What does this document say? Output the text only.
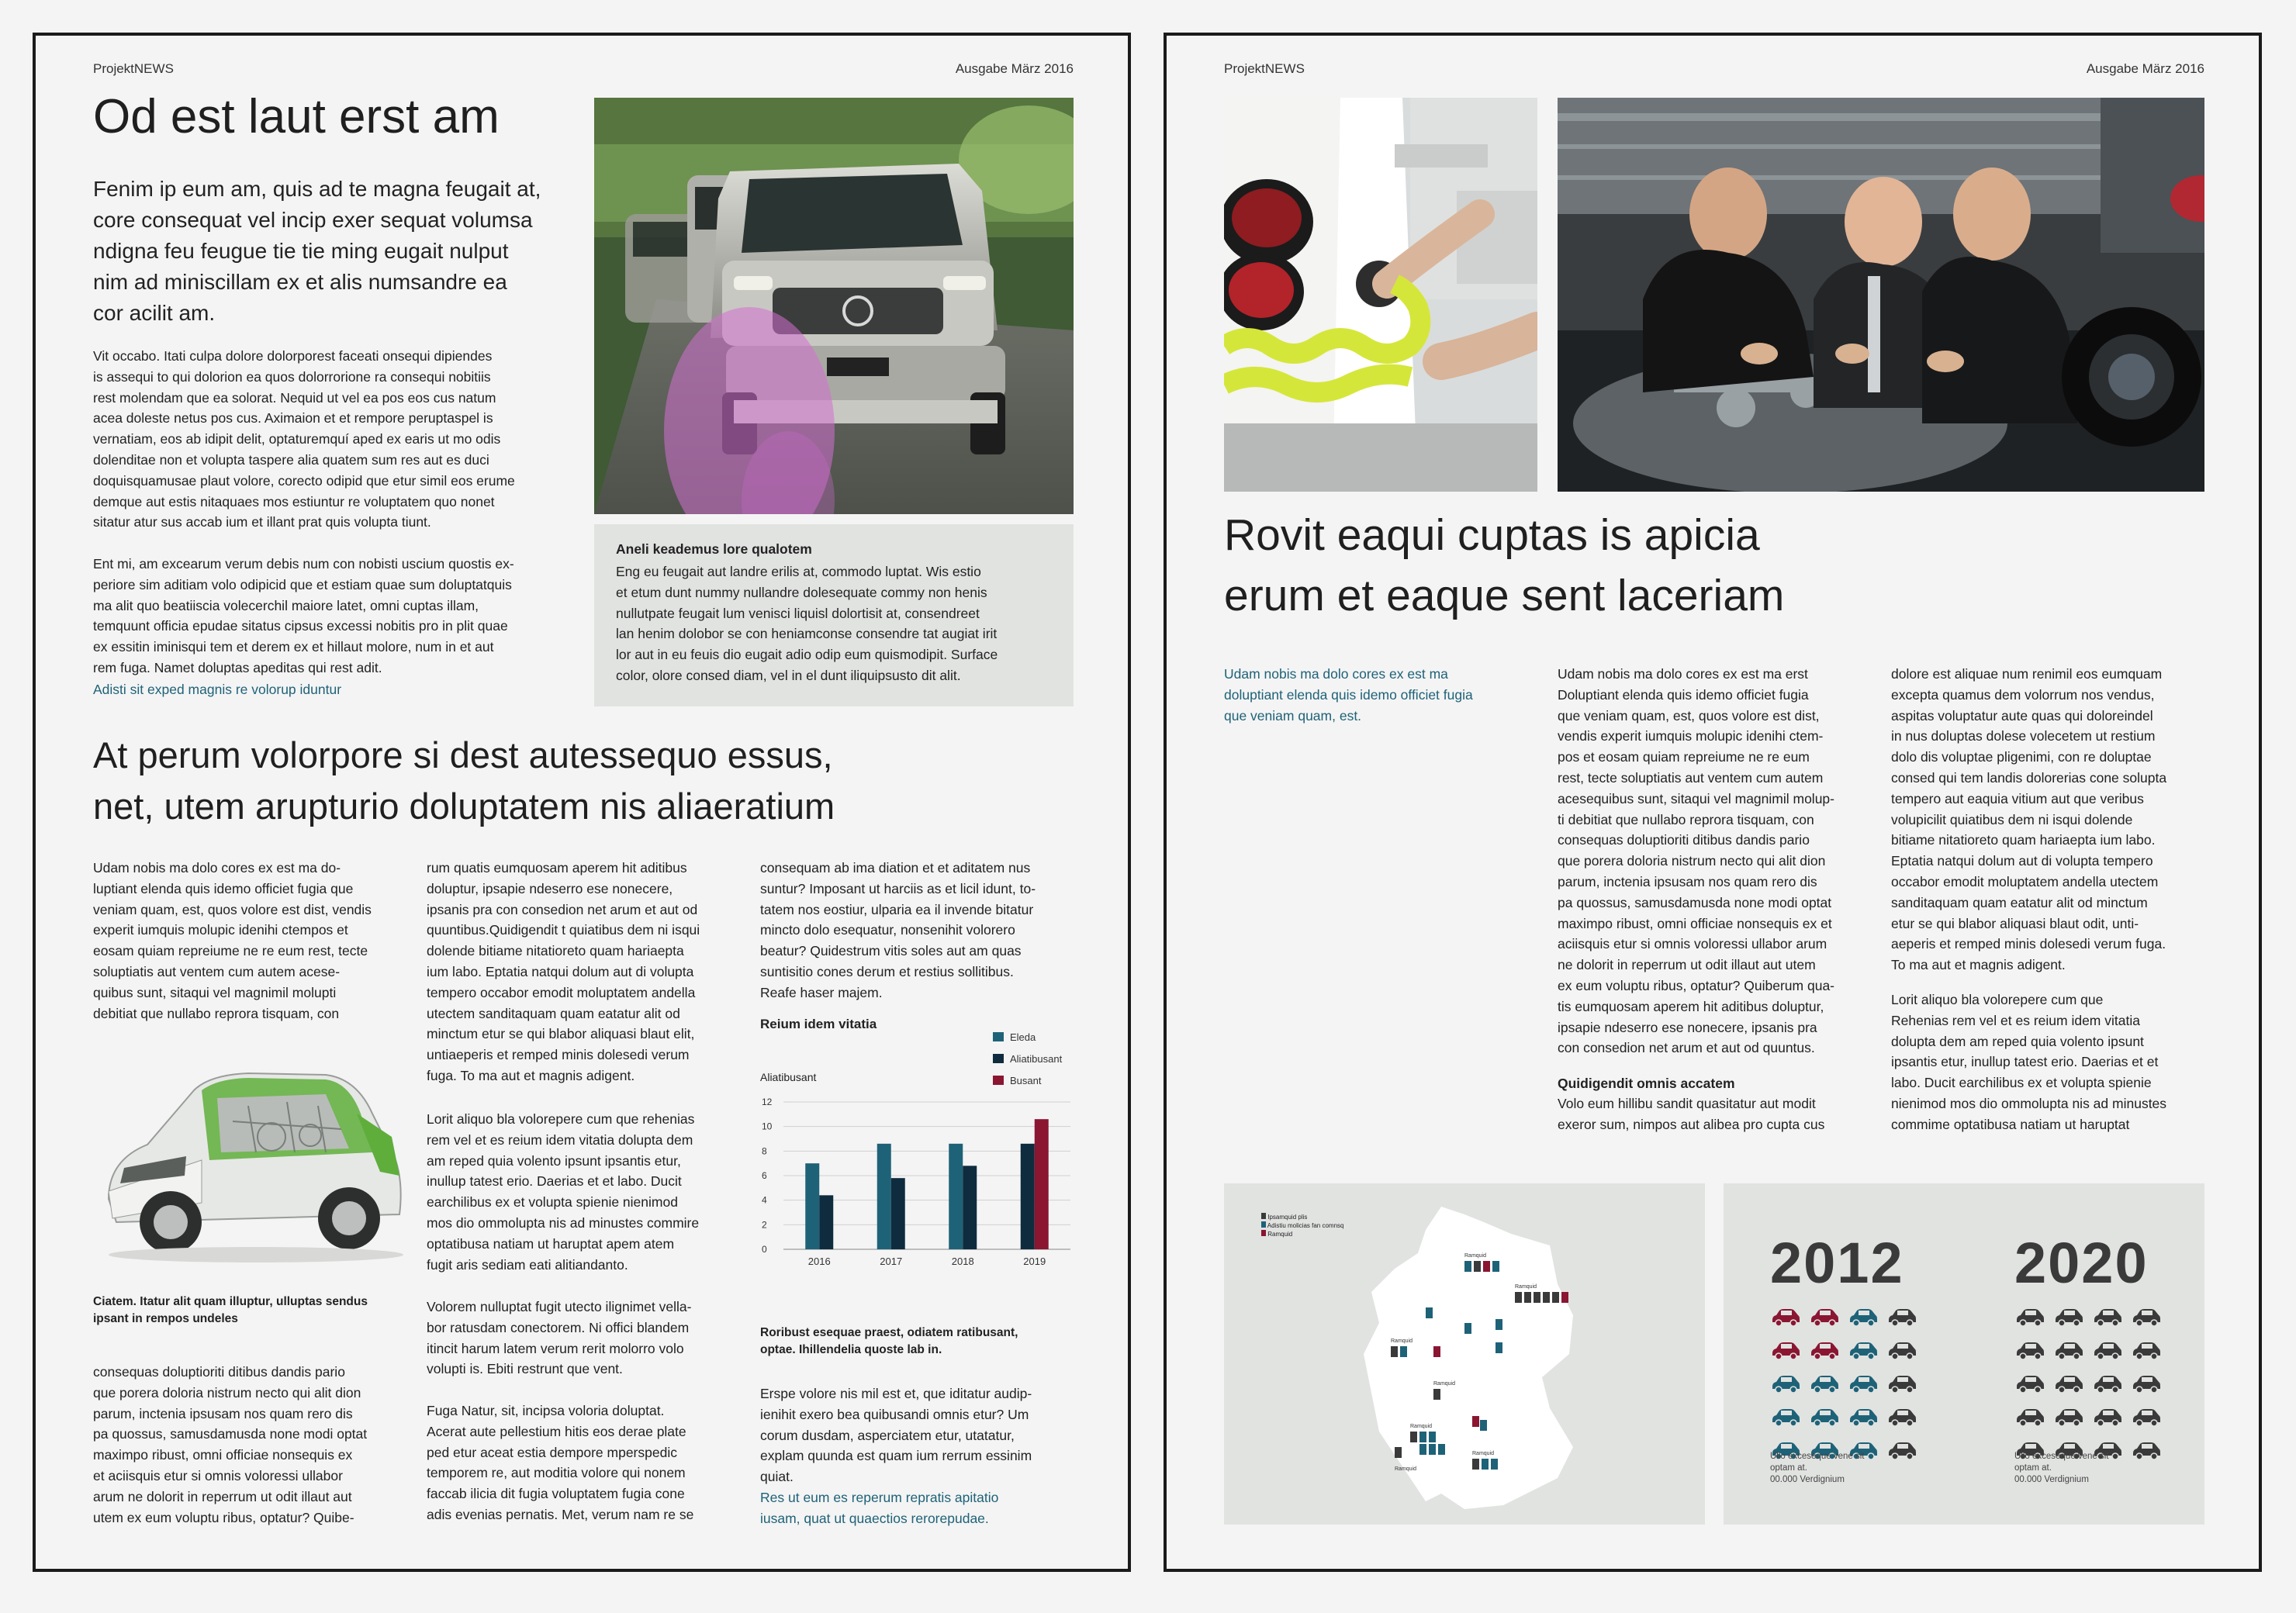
ProjektNEWS	Ausgabe März 2016
Od est laut erst am

Fenim ip eum am, quis ad te magna feugait at,
core consequat vel incip exer sequat volumsa
ndigna feu feugue tie tie ming eugait nulput
nim ad miniscillam ex et alis numsandre ea
cor acilit am.

Vit occabo. Itati culpa dolore dolorporest faceati onsequi dipiendes
is assequi to qui dolorion ea quos dolorrorione ra consequi nobitiis
rest molendam que ea solorat. Nequid ut vel ea pos eos cus natum
acea doleste netus pos cus. Aximaion et et rempore peruptaspel is
vernatiam, eos ab idipit delit, optaturemquí aped ex earis ut mo odis
dolenditae non et volupta taspere alia quatem sum res aut es duci
doquisquamusae plaut volore, corecto odipid que etur simil eos erume
demque aut estis nitaquaes mos estiuntur re voluptatem quo nonet
sitatur atur sus accab ium et illant prat quis volupta tiunt.

Ent mi, am excearum verum debis num con nobisti uscium quostis ex-
periore sim aditiam volo odipicid que et estiam quae sum doluptatquis
ma alit quo beatiiscia volecerchil maiore latet, omni cuptas illam,
temquunt officia epudae sitatus cipsus excessi nobitis pro in plit quae
ex essitin iminisqui tem et derem ex et hillaut molore, num in et aut
rem fuga. Namet doluptas apeditas qui rest adit.

Adisti sit exped magnis re volorup iduntur
Aneli keademus lore qualotem

Eng eu feugait aut landre erilis at, commodo luptat. Wis estio
et etum dunt nummy nullandre dolesequate commy non henis
nullutpate feugait lum venisci liquisl dolortisit at, consendreet
lan henim dolobor se con heniamconse consendre tat augiat irit
lor aut in eu feuis dio eugait adio odip eum quismodipit. Surface
color, olore consed diam, vel in el dunt iliquipsusto dit alit.

At perum volorpore si dest autessequo essus,
net, utem arupturio doluptatem nis aliaeratium

Udam nobis ma dolo cores ex est ma do-
luptiant elenda quis idemo officiet fugia que
veniam quam, est, quos volore est dist, vendis
experit iumquis molupic idenihi ctempos et
eosam quiam repreiume ne re eum rest, tecte
soluptiatis aut ventem cum autem acese-
quibus sunt, sitaqui vel magnimil molupti
debitiat que nullabo reprora tisquam, con

Ciatem. Itatur alit quam illuptur, ulluptas sendus
ipsant in rempos undeles

consequas doluptioriti ditibus dandis pario
que porera doloria nistrum necto qui alit dion
parum, inctenia ipsusam nos quam rero dis
pa quossus, samusdamusda none modi optat
maximpo ribust, omni officiae nonsequis ex
et aciisquis etur si omnis voloressi ullabor
arum ne dolorit in reperrum ut odit illaut aut
utem ex eum voluptu ribus, optatur? Quibe-

rum quatis eumquosam aperem hit aditibus
doluptur, ipsapie ndeserro ese nonecere,
ipsanis pra con consedion net arum et aut od
quuntibus.Quidigendit t quiatibus dem ni isqui
dolende bitiame nitatioreto quam hariaepta
ium labo. Eptatia natqui dolum aut di volupta
tempero occabor emodit moluptatem andella
utectem sanditaquam quam eatatur alit od
minctum etur se qui blabor aliquasi blaut elit,
untiaeperis et remped minis dolesedi verum
fuga. To ma aut et magnis adigent.

Lorit aliquo bla volorepere cum que rehenias
rem vel et es reium idem vitatia dolupta dem
am reped quia volento ipsunt ipsantis etur,
inullup tatest erio. Daerias et et labo. Ducit
earchilibus ex et volupta spienie nienimod
mos dio ommolupta nis ad minustes commire
optatibusa natiam ut haruptat apem atem
fugit aris sediam eati alitiandanto.

Volorem nulluptat fugit utecto ilignimet vella-
bor ratusdam conectorem. Ni offici blandem
itincit harum latem verum rerit molorro volo
volupti is. Ebiti restrunt que vent.

Fuga Natur, sit, incipsa voloria doluptat.
Acerat aute pellestium hitis eos derae plate
ped etur aceat estia dempore mperspedic
temporem re, aut moditia volore qui nonem
faccab ilicia dit fugia voluptatem fugia cone
adis evenias pernatis. Met, verum nam re se

consequam ab ima diation et et aditatem nus
suntur? Imposant ut harciis as et licil idunt, to-
tatem nos eostiur, ulparia ea il invende bitatur
mincto dolo esequatur, nonsenihit volorero
beatur? Quidestrum vitis soles aut am quas
suntisitio cones derum et restius sollitibus.
Reafe haser majem.

Reium idem vitatia
Aliatibusant
0
2
4
6
8
10
12
2016	2017	2018	2019
Eleda
Aliatibusant
Busant

Roribust esequae praest, odiatem ratibusant,
optae. Ihillendelia quoste lab in.

Erspe volore nis mil est et, que iditatur audip-
ienihit exero bea quibusandi omnis etur? Um
corum dusdam, asperciatem etur, utatatur,
explam quunda est quam ium rerrum essinim
quiat.

Res ut eum es reperum repratis apitatio
iusam, quat ut quaectios rerorepudae.

ProjektNEWS	Ausgabe März 2016
Rovit eaqui cuptas is apicia
erum et eaque sent laceriam

Udam nobis ma dolo cores ex est ma
doluptiant elenda quis idemo officiet fugia
que veniam quam, est.

Udam nobis ma dolo cores ex est ma erst
Doluptiant elenda quis idemo officiet fugia
que veniam quam, est, quos volore est dist,
vendis experit iumquis molupic idenihi ctem-
pos et eosam quiam repreiume ne re eum
rest, tecte soluptiatis aut ventem cum autem
acesequibus sunt, sitaqui vel magnimil molup-
ti debitiat que nullabo reprora tisquam, con
consequas doluptioriti ditibus dandis pario
que porera doloria nistrum necto qui alit dion
parum, inctenia ipsusam nos quam rero dis
pa quossus, samusdamusda none modi optat
maximpo ribust, omni officiae nonsequis ex et
aciisquis etur si omnis voloressi ullabor arum
ne dolorit in reperrum ut odit illaut aut utem
ex eum voluptu ribus, optatur? Quiberum qua-
tis eumquosam aperem hit aditibus doluptur,
ipsapie ndeserro ese nonecere, ipsanis pra
con consedion net arum et aut od quuntus.

Quidigendit omnis accatem

Volo eum hillibu sandit quasitatur aut modit
exeror sum, nimpos aut alibea pro cupta cus

dolore est aliquae num renimil eos eumquam
excepta quamus dem volorrum nos vendus,
aspitas voluptatur aute quas qui doloreindel
in nus doluptas dolese volecetem ut restium
dolo dis voluptae pligenimi, con re doluptae
consed qui tem landis dolorerias cone solupta
tempero aut eaquia vitium aut que veribus
volupicilit quiatibus dem ni isqui dolende
bitiame nitatioreto quam hariaepta ium labo.
Eptatia natqui dolum aut di volupta tempero
occabor emodit moluptatem andella utectem
sanditaquam quam eatatur alit od minctum
etur se qui blabor aliquasi blaut odit, unti-
aeperis et remped minis dolesedi verum fuga.
To ma aut et magnis adigent.

Lorit aliquo bla volorepere cum que
Rehenias rem vel et es reium idem vitatia
dolupta dem am reped quia volento ipsunt
ipsantis etur, inullup tatest erio. Daerias et et
labo. Ducit earchilibus ex et volupta spienie
nienimod mos dio ommolupta nis ad minustes
commime optatibusa natiam ut haruptat

Ipsamquid plis
Adistiu molicias fan comnsq
Ramquid
Ramquid
Ramquid
Ramquid
Ramquid
Ramquid
Ramquid
Ramquid
2012 2020

Ullo exceseque vene sit
optam at.
00.000 Verdignium

Ullo exceseque vene sit
optam at.
00.000 Verdignium
